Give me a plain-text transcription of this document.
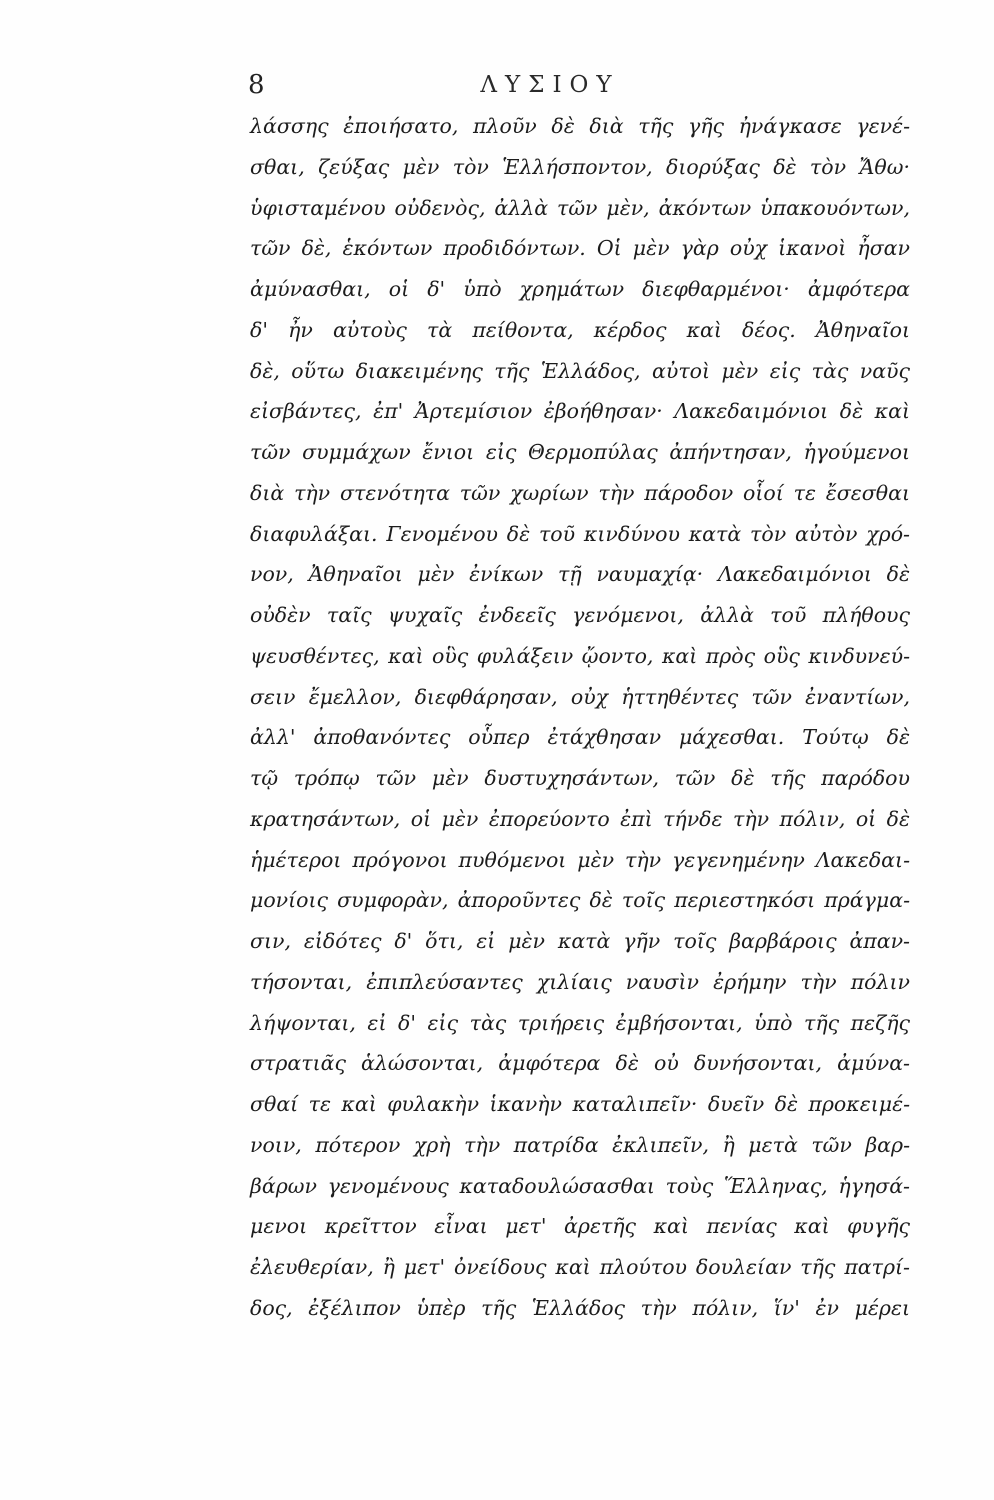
8	ΛΥΣΙΟΥ
λάσσης ἐποιήσατο, πλοῦν δὲ διὰ τῆς γῆς ἠνάγκασε γενέ-
σθαι, ζεύξας μὲν τὸν Ἑλλήσποντον, διορύξας δὲ τὸν Ἄθω·
ὑφισταμένου οὐδενὸς, ἀλλὰ τῶν μὲν, ἀκόντων ὑπακουόντων,
τῶν δὲ, ἑκόντων προδιδόντων. Οἱ μὲν γὰρ οὐχ ἱκανοὶ ἦσαν
ἀμύνασθαι, οἱ δ' ὑπὸ χρημάτων διεφθαρμένοι· ἀμφότερα
δ' ἦν αὐτοὺς τὰ πείθοντα, κέρδος καὶ δέος. Ἀθηναῖοι
δὲ, οὕτω διακειμένης τῆς Ἑλλάδος, αὐτοὶ μὲν εἰς τὰς ναῦς
εἰσβάντες, ἐπ' Ἀρτεμίσιον ἐβοήθησαν· Λακεδαιμόνιοι δὲ καὶ
τῶν συμμάχων ἔνιοι εἰς Θερμοπύλας ἀπήντησαν, ἡγούμενοι
διὰ τὴν στενότητα τῶν χωρίων τὴν πάροδον οἷοί τε ἔσεσθαι
διαφυλάξαι. Γενομένου δὲ τοῦ κινδύνου κατὰ τὸν αὐτὸν χρό-
νον, Ἀθηναῖοι μὲν ἐνίκων τῇ ναυμαχίᾳ· Λακεδαιμόνιοι δὲ
οὐδὲν ταῖς ψυχαῖς ἐνδεεῖς γενόμενοι, ἀλλὰ τοῦ πλήθους
ψευσθέντες, καὶ οὓς φυλάξειν ᾤοντο, καὶ πρὸς οὓς κινδυνεύ-
σειν ἔμελλον, διεφθάρησαν, οὐχ ἡττηθέντες τῶν ἐναντίων,
ἀλλ' ἀποθανόντες οὗπερ ἐτάχθησαν μάχεσθαι. Τούτῳ δὲ
τῷ τρόπῳ τῶν μὲν δυστυχησάντων, τῶν δὲ τῆς παρόδου
κρατησάντων, οἱ μὲν ἐπορεύοντο ἐπὶ τήνδε τὴν πόλιν, οἱ δὲ
ἡμέτεροι πρόγονοι πυθόμενοι μὲν τὴν γεγενημένην Λακεδαι-
μονίοις συμφορὰν, ἀποροῦντες δὲ τοῖς περιεστηκόσι πράγμα-
σιν, εἰδότες δ' ὅτι, εἰ μὲν κατὰ γῆν τοῖς βαρβάροις ἀπαν-
τήσονται, ἐπιπλεύσαντες χιλίαις ναυσὶν ἐρήμην τὴν πόλιν
λήψονται, εἰ δ' εἰς τὰς τριήρεις ἐμβήσονται, ὑπὸ τῆς πεζῆς
στρατιᾶς ἁλώσονται, ἀμφότερα δὲ οὐ δυνήσονται, ἀμύνα-
σθαί τε καὶ φυλακὴν ἱκανὴν καταλιπεῖν· δυεῖν δὲ προκειμέ-
νοιν, πότερον χρὴ τὴν πατρίδα ἐκλιπεῖν, ἢ μετὰ τῶν βαρ-
βάρων γενομένους καταδουλώσασθαι τοὺς Ἕλληνας, ἡγησά-
μενοι κρεῖττον εἶναι μετ' ἀρετῆς καὶ πενίας καὶ φυγῆς
ἐλευθερίαν, ἢ μετ' ὀνείδους καὶ πλούτου δουλείαν τῆς πατρί-
δος, ἐξέλιπον ὑπὲρ τῆς Ἑλλάδος τὴν πόλιν, ἵν' ἐν μέρει
